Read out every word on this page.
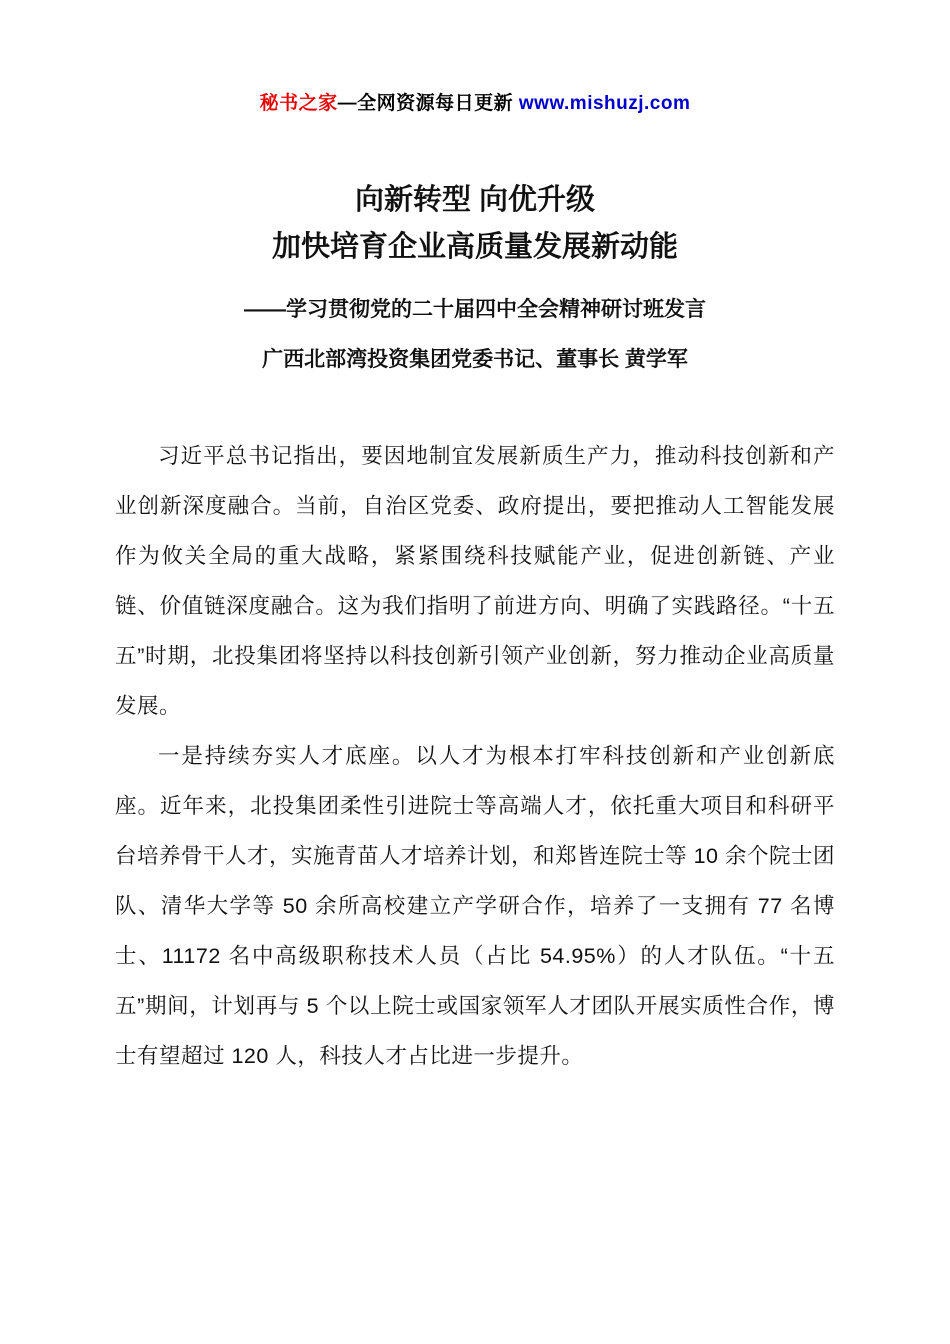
秘书之家—全网资源每日更新 www.mishuzj.com
向新转型 向优升级
加快培育企业高质量发展新动能
——学习贯彻党的二十届四中全会精神研讨班发言
广西北部湾投资集团党委书记、董事长 黄学军

习近平总书记指出，要因地制宜发展新质生产力，推动科技创新和产业创新深度融合。当前，自治区党委、政府提出，要把推动人工智能发展作为攸关全局的重大战略，紧紧围绕科技赋能产业，促进创新链、产业链、价值链深度融合。这为我们指明了前进方向、明确了实践路径。“十五五”时期，北投集团将坚持以科技创新引领产业创新，努力推动企业高质量发展。

一是持续夯实人才底座。以人才为根本打牢科技创新和产业创新底座。近年来，北投集团柔性引进院士等高端人才，依托重大项目和科研平台培养骨干人才，实施青苗人才培养计划，和郑皆连院士等 10 余个院士团队、清华大学等 50 余所高校建立产学研合作，培养了一支拥有 77 名博士、11172 名中高级职称技术人员（占比 54.95%）的人才队伍。“十五五”期间，计划再与 5 个以上院士或国家领军人才团队开展实质性合作，博士有望超过 120 人，科技人才占比进一步提升。
